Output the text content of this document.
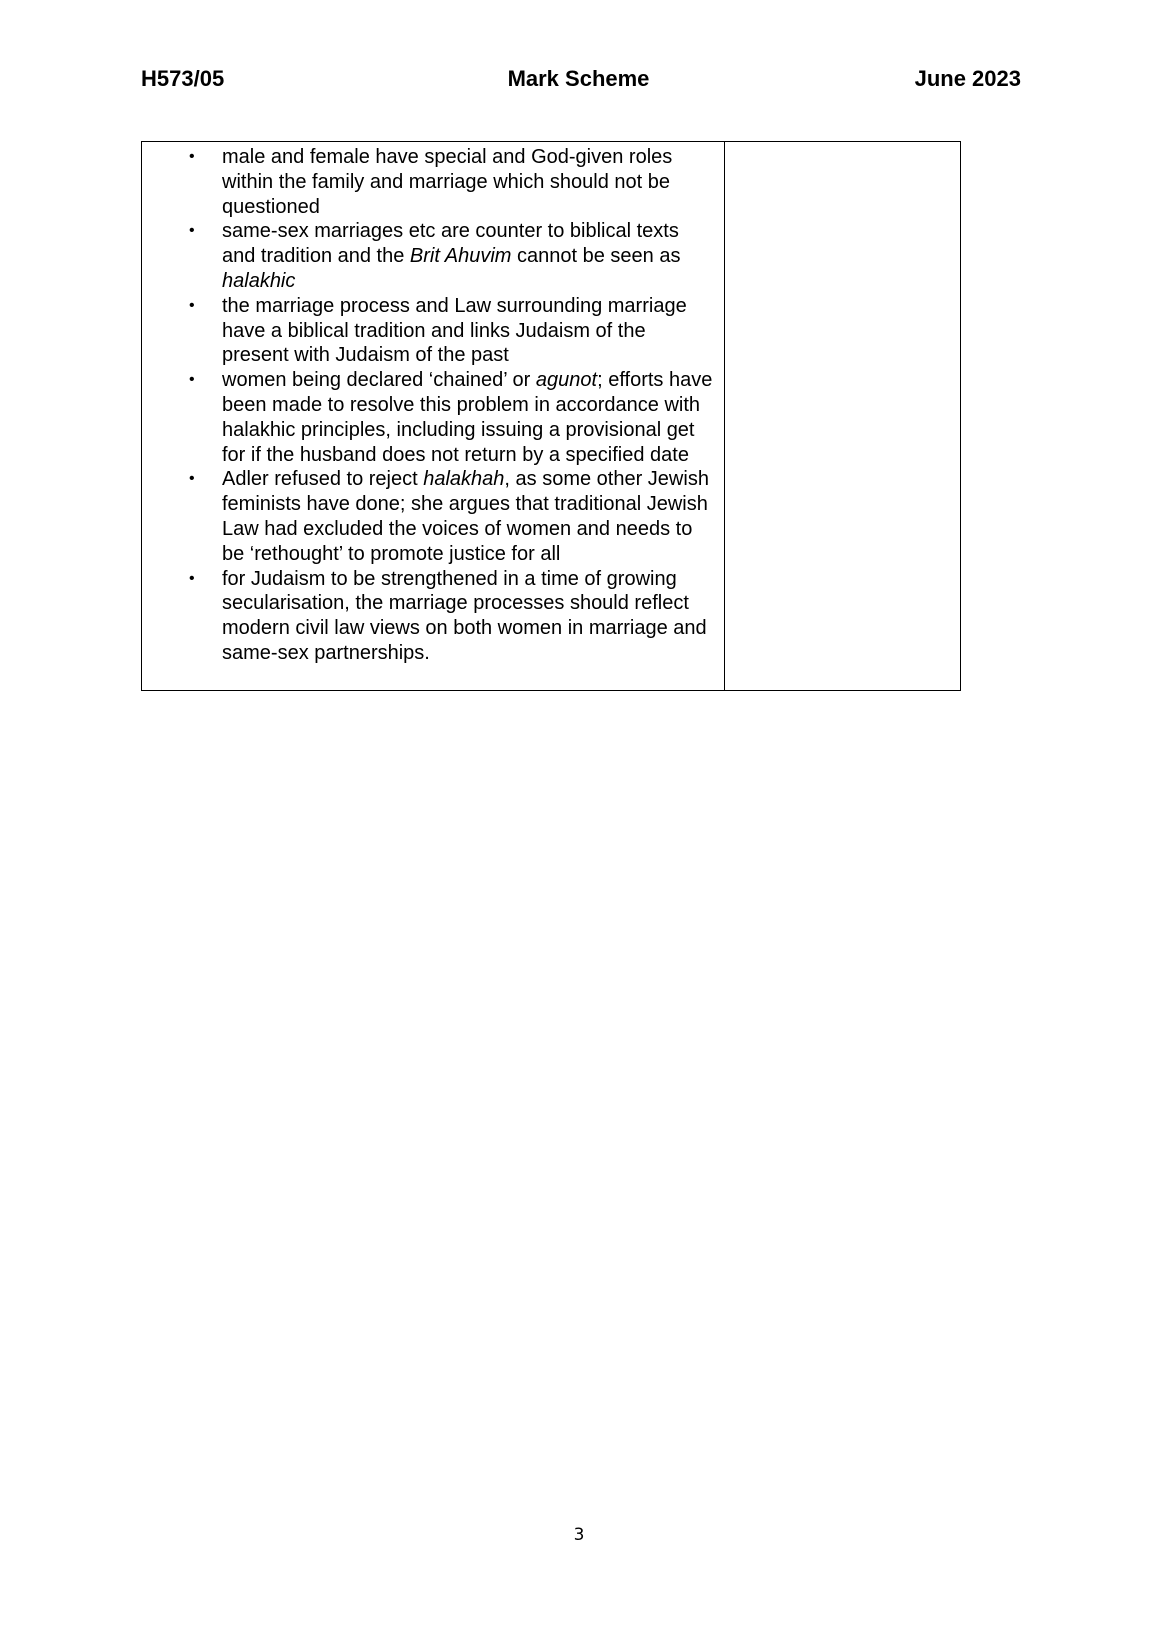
H573/05	Mark Scheme	June 2023
• male and female have special and God-given roles within the family and marriage which should not be questioned
• same-sex marriages etc are counter to biblical texts and tradition and the Brit Ahuvim cannot be seen as halakhic
• the marriage process and Law surrounding marriage have a biblical tradition and links Judaism of the present with Judaism of the past
• women being declared ‘chained’ or agunot; efforts have been made to resolve this problem in accordance with halakhic principles, including issuing a provisional get for if the husband does not return by a specified date
• Adler refused to reject halakhah, as some other Jewish feminists have done; she argues that traditional Jewish Law had excluded the voices of women and needs to be ‘rethought’ to promote justice for all
• for Judaism to be strengthened in a time of growing secularisation, the marriage processes should reflect modern civil law views on both women in marriage and same-sex partnerships.

3
